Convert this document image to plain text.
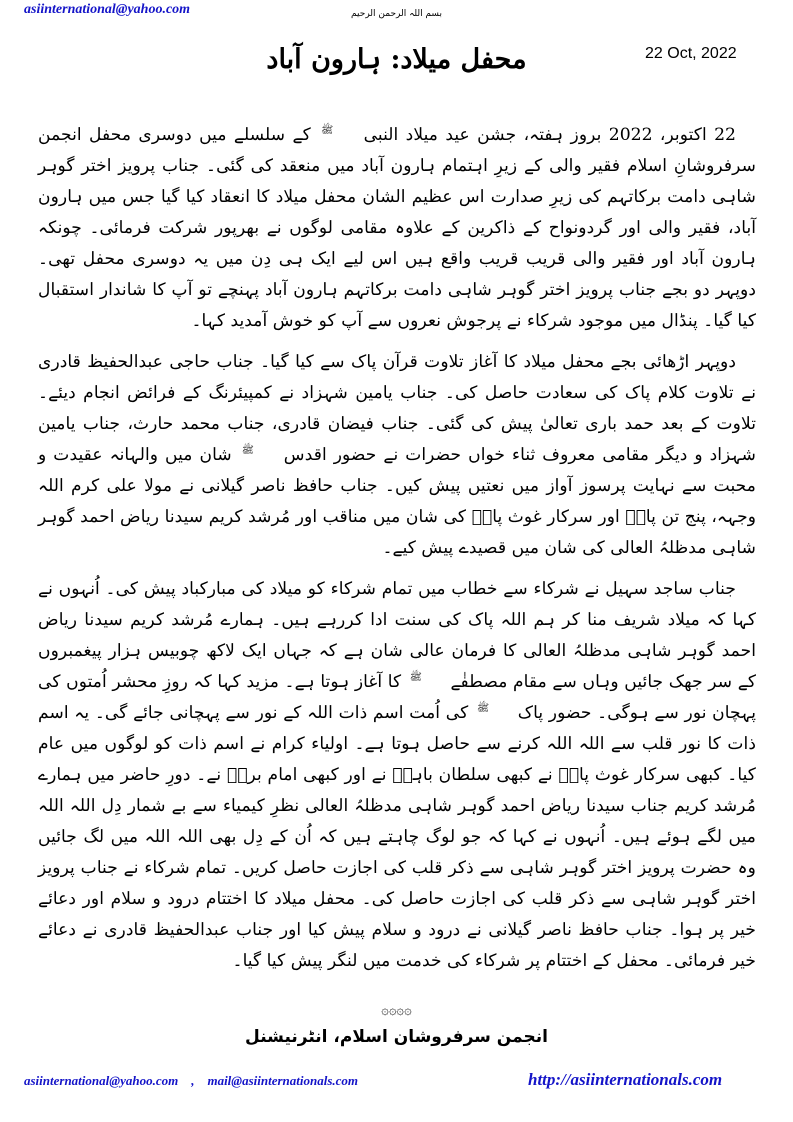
asiinternational@yahoo.com	بسم اللہ الرحمن الرحیم
22 Oct, 2022
محفل میلاد: ہارون آباد

22 اکتوبر، 2022 بروز ہفتہ، جشن عید میلاد النبی ﷺ کے سلسلے میں دوسری محفل انجمن سرفروشانِ اسلام فقیر والی کے زیرِ اہتمام ہارون آباد میں منعقد کی گئی۔ جناب پرویز اختر گوہر شاہی دامت برکاتہم کی زیرِ صدارت اس عظیم الشان محفل میلاد کا انعقاد کیا گیا جس میں ہارون آباد، فقیر والی اور گردونواح کے ذاکرین کے علاوہ مقامی لوگوں نے بھرپور شرکت فرمائی۔ چونکہ ہارون آباد اور فقیر والی قریب قریب واقع ہیں اس لیے ایک ہی دِن میں یہ دوسری محفل تھی۔ دوپہر دو بجے جناب پرویز اختر گوہر شاہی دامت برکاتہم ہارون آباد پہنچے تو آپ کا شاندار استقبال کیا گیا۔ پنڈال میں موجود شرکاء نے پرجوش نعروں سے آپ کو خوش آمدید کہا۔

دوپہر اڑھائی بجے محفل میلاد کا آغاز تلاوت قرآن پاک سے کیا گیا۔ جناب حاجی عبدالحفیظ قادری نے تلاوت کلام پاک کی سعادت حاصل کی۔ جناب یامین شہزاد نے کمپیئرنگ کے فرائض انجام دیئے۔ تلاوت کے بعد حمد باری تعالیٰ پیش کی گئی۔ جناب فیضان قادری، جناب محمد حارث، جناب یامین شہزاد و دیگر مقامی معروف ثناء خواں حضرات نے حضور اقدس ﷺ شان میں والہانہ عقیدت و محبت سے نہایت پرسوز آواز میں نعتیں پیش کیں۔ جناب حافظ ناصر گیلانی نے مولا علی کرم اللہ وجہہ، پنج تن پاکؑ اور سرکار غوث پاکؓ کی شان میں مناقب اور مُرشد کریم سیدنا ریاض احمد گوہر شاہی مدظلہُ العالی کی شان میں قصیدے پیش کیے۔

جناب ساجد سہیل نے شرکاء سے خطاب میں تمام شرکاء کو میلاد کی مبارکباد پیش کی۔ اُنہوں نے کہا کہ میلاد شریف منا کر ہم اللہ پاک کی سنت ادا کررہے ہیں۔ ہمارے مُرشد کریم سیدنا ریاض احمد گوہر شاہی مدظلہُ العالی کا فرمان عالی شان ہے کہ جہاں ایک لاکھ چوبیس ہزار پیغمبروں کے سر جھک جائیں وہاں سے مقام مصطفٰے ﷺ کا آغاز ہوتا ہے۔ مزید کہا کہ روزِ محشر اُمتوں کی پہچان نور سے ہوگی۔ حضور پاک ﷺ کی اُمت اسم ذات اللہ کے نور سے پہچانی جائے گی۔ یہ اسم ذات کا نور قلب سے اللہ اللہ کرنے سے حاصل ہوتا ہے۔ اولیاء کرام نے اسم ذات کو لوگوں میں عام کیا۔ کبھی سرکار غوث پاکؓ نے کبھی سلطان باہوؒ نے اور کبھی امام بریؒ نے۔ دورِ حاضر میں ہمارے مُرشد کریم جناب سیدنا ریاض احمد گوہر شاہی مدظلہُ العالی نظرِ کیمیاء سے بے شمار دِل اللہ اللہ میں لگے ہوئے ہیں۔ اُنہوں نے کہا کہ جو لوگ چاہتے ہیں کہ اُن کے دِل بھی اللہ اللہ میں لگ جائیں وہ حضرت پرویز اختر گوہر شاہی سے ذکر قلب کی اجازت حاصل کریں۔ تمام شرکاء نے جناب پرویز اختر گوہر شاہی سے ذکر قلب کی اجازت حاصل کی۔ محفل میلاد کا اختتام درود و سلام اور دعائے خیر پر ہوا۔ جناب حافظ ناصر گیلانی نے درود و سلام پیش کیا اور جناب عبدالحفیظ قادری نے دعائے خیر فرمائی۔ محفل کے اختتام پر شرکاء کی خدمت میں لنگر پیش کیا گیا۔

۞۞۞۞
انجمن سرفروشان اسلام، انٹرنیشنل
asiinternational@yahoo.com , mail@asiinternationals.com	http://asiinternationals.com
